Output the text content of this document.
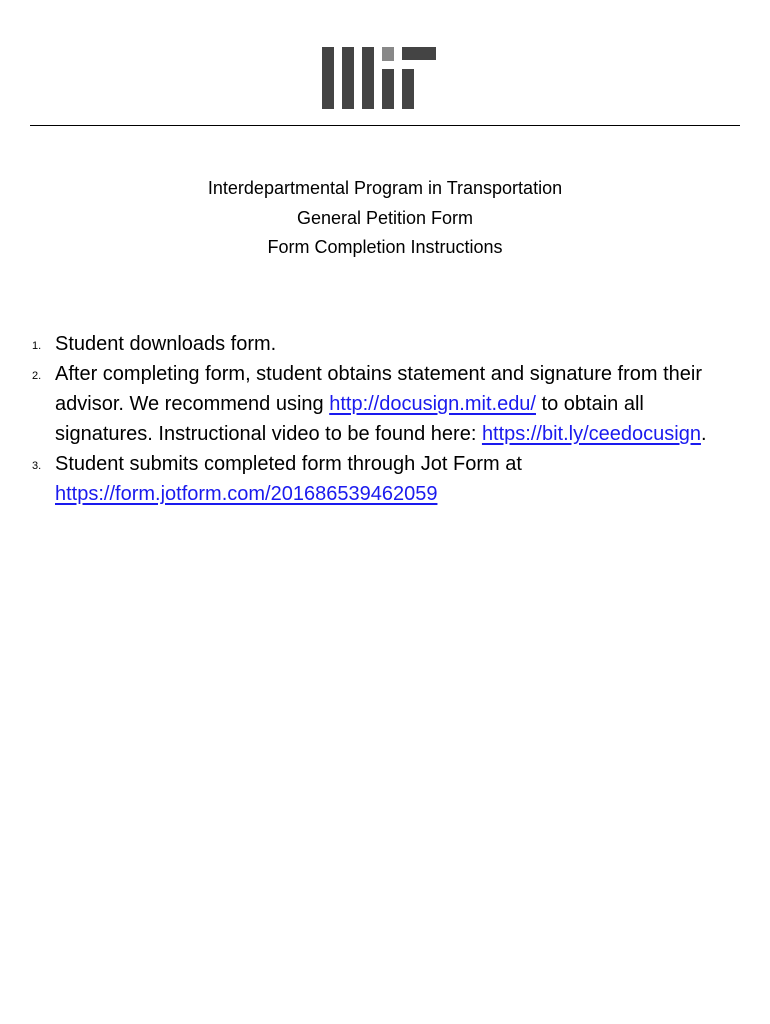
Interdepartmental Program in Transportation
General Petition Form
Form Completion Instructions
1. Student downloads form.
2. After completing form, student obtains statement and signature from their advisor. We recommend using http://docusign.mit.edu/ to obtain all signatures. Instructional video to be found here: https://bit.ly/ceedocusign.
3. Student submits completed form through Jot Form at https://form.jotform.com/201686539462059
